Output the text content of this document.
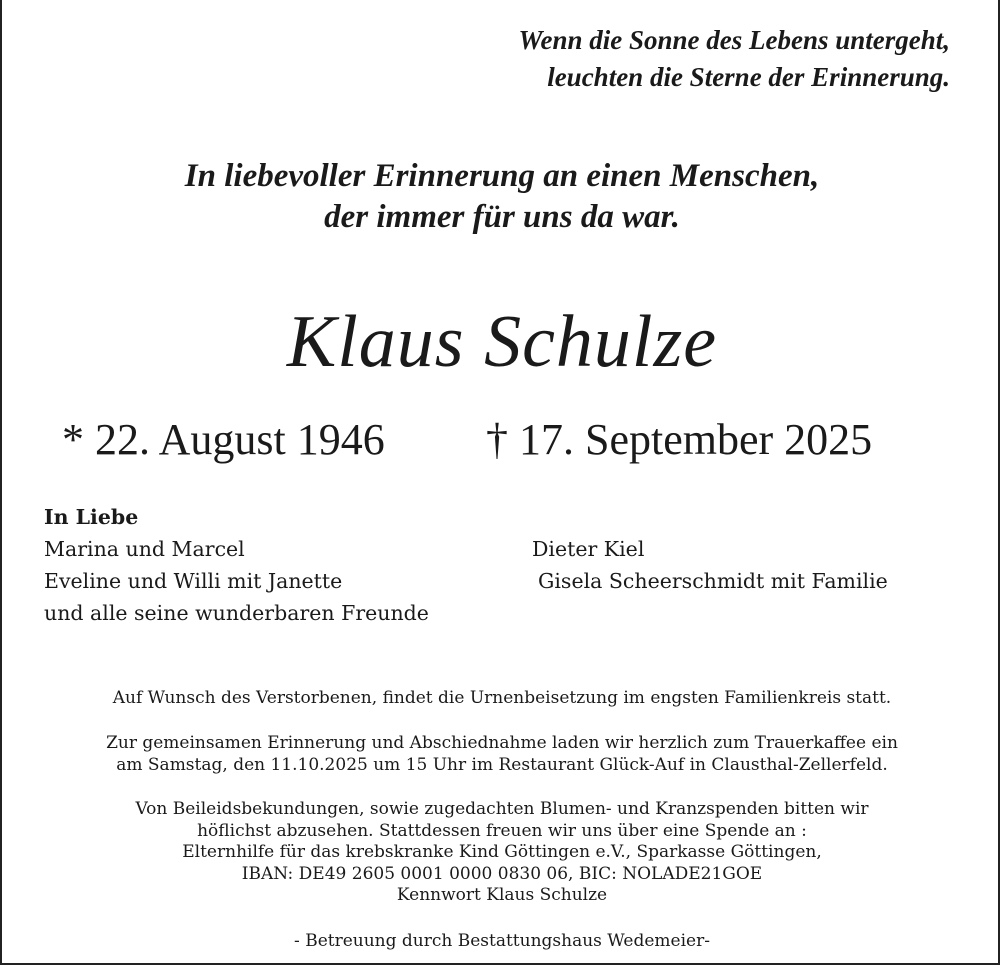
Wenn die Sonne des Lebens untergeht,
leuchten die Sterne der Erinnerung.
In liebevoller Erinnerung an einen Menschen,
der immer für uns da war.
Klaus Schulze
* 22. August 1946 † 17. September 2025
In Liebe
Marina und Marcel
Eveline und Willi mit Janette
und alle seine wunderbaren Freunde
Dieter Kiel
Gisela Scheerschmidt mit Familie
Auf Wunsch des Verstorbenen, findet die Urnenbeisetzung im engsten Familienkreis statt.
Zur gemeinsamen Erinnerung und Abschiednahme laden wir herzlich zum Trauerkaffee ein
am Samstag, den 11.10.2025 um 15 Uhr im Restaurant Glück-Auf in Clausthal-Zellerfeld.
Von Beileidsbekundungen, sowie zugedachten Blumen- und Kranzspenden bitten wir
höflichst abzusehen. Stattdessen freuen wir uns über eine Spende an :
Elternhilfe für das krebskranke Kind Göttingen e.V., Sparkasse Göttingen,
IBAN: DE49 2605 0001 0000 0830 06, BIC: NOLADE21GOE
Kennwort Klaus Schulze
- Betreuung durch Bestattungshaus Wedemeier-
